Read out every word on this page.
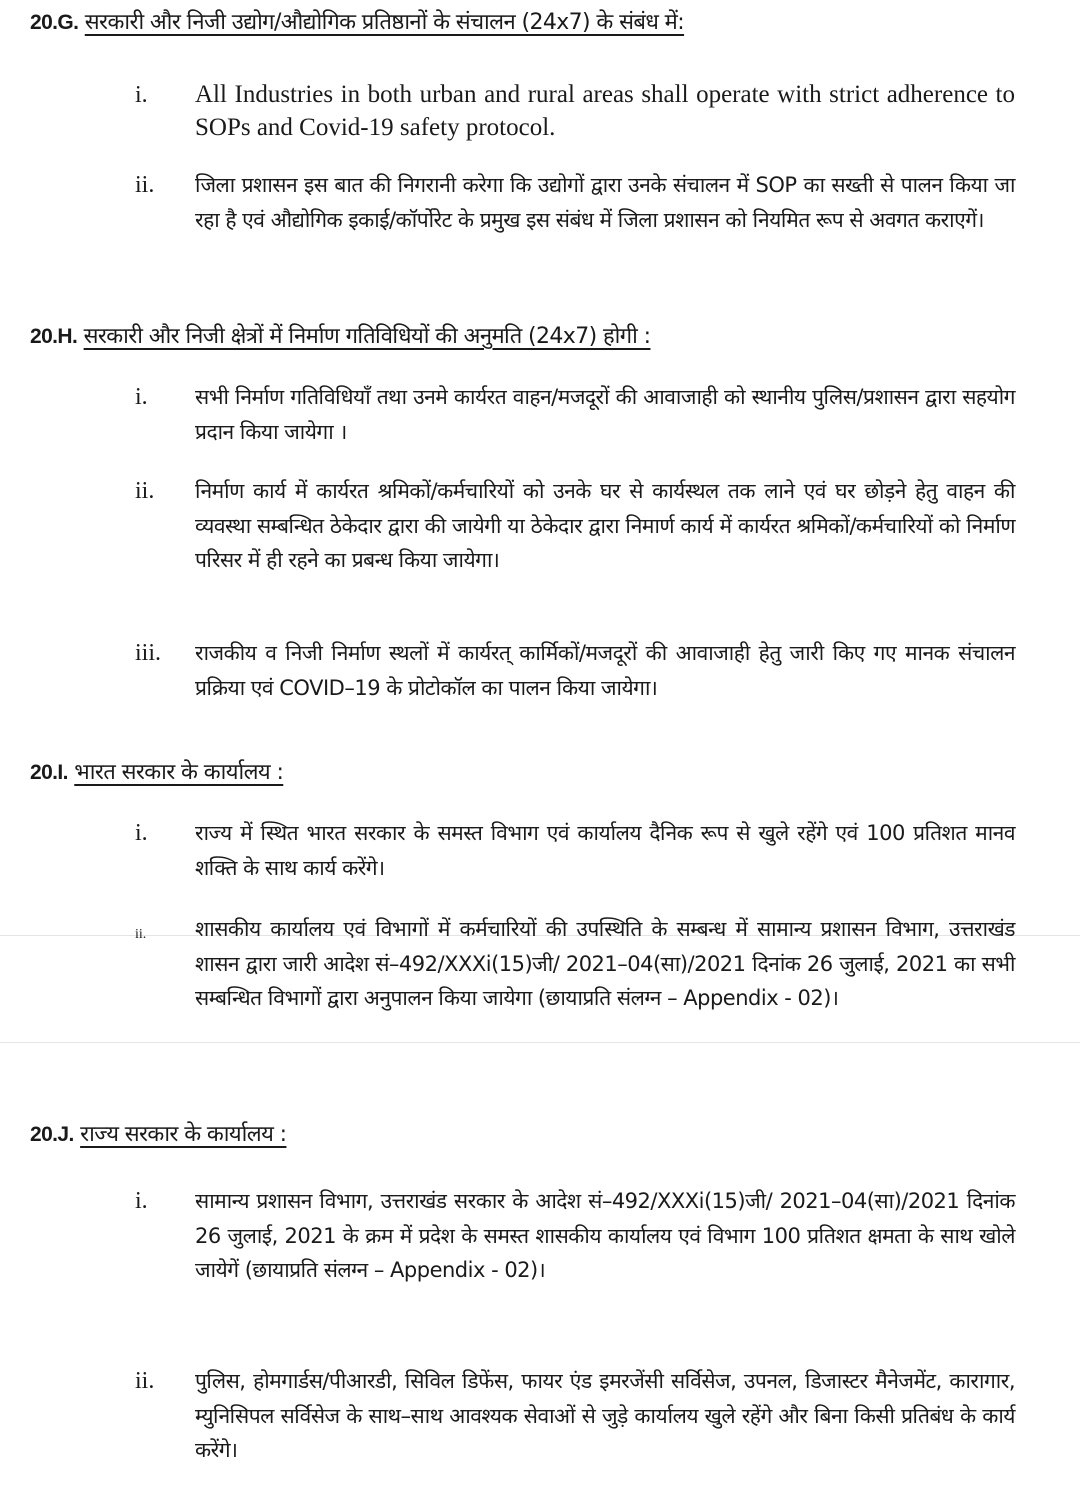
20.G. सरकारी और निजी उद्योग/औद्योगिक प्रतिष्ठानों के संचालन (24x7) के संबंध में:
i.	All Industries in both urban and rural areas shall operate with strict adherence to SOPs and Covid-19 safety protocol.
ii.	जिला प्रशासन इस बात की निगरानी करेगा कि उद्योगों द्वारा उनके संचालन में SOP का सख्ती से पालन किया जा रहा है एवं औद्योगिक इकाई/कॉर्पोरेट के प्रमुख इस संबंध में जिला प्रशासन को नियमित रूप से अवगत कराएगें।
20.H. सरकारी और निजी क्षेत्रों में निर्माण गतिविधियों की अनुमति (24x7) होगी :
i.	सभी निर्माण गतिविधियाँ तथा उनमे कार्यरत वाहन/मजदूरों की आवाजाही को स्थानीय पुलिस/प्रशासन द्वारा सहयोग प्रदान किया जायेगा ।
ii.	निर्माण कार्य में कार्यरत श्रमिकों/कर्मचारियों को उनके घर से कार्यस्थल तक लाने एवं घर छोड़ने हेतु वाहन की व्यवस्था सम्बन्धित ठेकेदार द्वारा की जायेगी या ठेकेदार द्वारा निमार्ण कार्य में कार्यरत श्रमिकों/कर्मचारियों को निर्माण परिसर में ही रहने का प्रबन्ध किया जायेगा।
iii.	राजकीय व निजी निर्माण स्थलों में कार्यरत् कार्मिकों/मजदूरों की आवाजाही हेतु जारी किए गए मानक संचालन प्रक्रिया एवं COVID–19 के प्रोटोकॉल का पालन किया जायेगा।
20.I. भारत सरकार के कार्यालय :
i.	राज्य में स्थित भारत सरकार के समस्त विभाग एवं कार्यालय दैनिक रूप से खुले रहेंगे एवं 100 प्रतिशत मानव शक्ति के साथ कार्य करेंगे।
ii.	शासकीय कार्यालय एवं विभागों में कर्मचारियों की उपस्थिति के सम्बन्ध में सामान्य प्रशासन विभाग, उत्तराखंड शासन द्वारा जारी आदेश सं–492/XXXi(15)जी/ 2021–04(सा)/2021 दिनांक 26 जुलाई, 2021 का सभी सम्बन्धित विभागों द्वारा अनुपालन किया जायेगा (छायाप्रति संलग्न – Appendix - 02)।
20.J. राज्य सरकार के कार्यालय :
i.	सामान्य प्रशासन विभाग, उत्तराखंड सरकार के आदेश सं–492/XXXi(15)जी/ 2021–04(सा)/2021 दिनांक 26 जुलाई, 2021 के क्रम में प्रदेश के समस्त शासकीय कार्यालय एवं विभाग 100 प्रतिशत क्षमता के साथ खोले जायेगें (छायाप्रति संलग्न – Appendix - 02)।
ii.	पुलिस, होमगार्डस/पीआरडी, सिविल डिफेंस, फायर एंड इमरजेंसी सर्विसेज, उपनल, डिजास्टर मैनेजमेंट, कारागार, म्युनिसिपल सर्विसेज के साथ–साथ आवश्यक सेवाओं से जुड़े कार्यालय खुले रहेंगे और बिना किसी प्रतिबंध के कार्य करेंगे।
